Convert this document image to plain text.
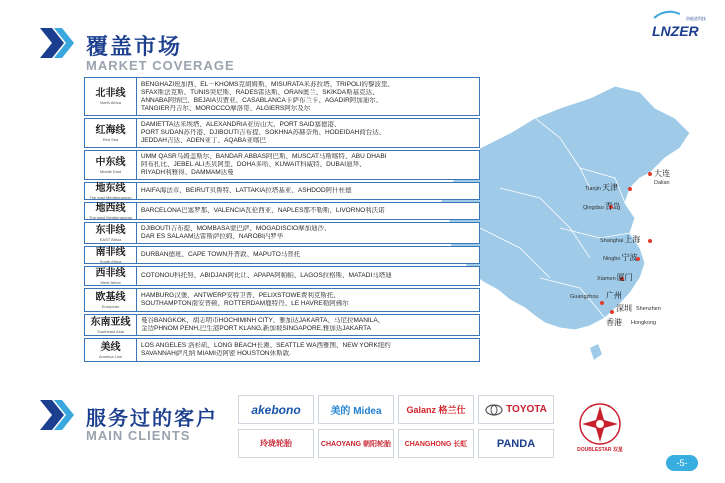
覆盖市场
MARKET COVERAGE
洛能进科技
LNZER
Tianjin 天津
大连
Dalian
Qingdao 青岛
Shanghai 上海
Ningbo 宁波
Xiamen 厦门
广州
Guangzhou
深圳 Shenzhen
香港 Hongkong
北非线
North Africa
BENGHAZI班加西、EL－KHOMS克胡姆斯、MISURATA米苏拉塔、TRIPOLI的黎波里、
SFAX斯法克斯、TUNIS突尼斯、RADES雷达斯、ORAN奥兰、SKIKDA斯基克达、
ANNABA阿纳巴、BEJAIA贝贾亚、CASABLANCA卡萨布兰卡、AGADIR阿加迪尔、
TANGIER丹吉尔、MOROCCO摩洛哥、ALGIERS阿尔及尔
红海线
Red Sea
DAMIETTA达米埃塔、ALEXANDRIA亚历山大、PORT SAID塞德港、
PORT SUDAN苏丹港、DJIBOUTI吉布提、SOKHNA苏赫奈角、HODEIDAH荷台达、
JEDDAH吉达、ADEN亚丁、AQABA亚喀巴
中东线
Middle East
UMM QASR乌姆盖斯尔、BANDAR ABBAS阿巴斯、MUSCAT马斯喀特、ABU DHABI
阿布扎比、JEBEL ALI杰贝阿里、DOHA多哈、KUWAIT科威特、DUBAI迪拜、
RIYADH利雅得、DAMMAM达曼
地东线
The east Mediterranean
HAIFA海法市、BEIRUT贝鲁特、LATTAKIA拉塔基亚、ASHDOD阿什杜德
地西线
The west Mediterranean
BARCELONA巴塞罗那、VALENCIA瓦伦西亚、NAPLES那不勒斯、LIVORNO利沃诺
东非线
EAST Africa
DJIBOUTI吉布提、MOMBASA蒙巴萨、MOGADISCIO摩加迪沙、
DAR ES SALAAM达雷斯萨拉姆、NAROBI内罗毕
南非线
South Africa
DURBAN德班、CAPE TOWN开普敦、MAPUTO马普托
西非线
West Africa
COTONOU科托努、ABIDJAN阿比让、APAPA阿帕帕、LAGOS拉格斯、MATADI马塔迪
欧基线
European
HAMBURG汉堡、ANTWERP安特卫普、PELIXSTOWE费利克斯托、
SOUTHAMPTON南安普顿、ROTTERDAM鹿特丹、LE HAVRE勒阿佛尔
东南亚线
Southeast Asia
曼谷BANGKOK、胡志明市HOCHIMINH CITY、雅加达JAKARTA、马尼拉MANILA、
金边PHNOM PENH,巴生港PORT KLANG,新加坡SINGAPORE,雅加达JAKARTA
美线
America Line
LOS ANGELES 洛杉矶、LONG BEACH长滩、SEATTLE WA西雅图、NEW YORK纽约
SAVANNAH萨凡纳 MIAMI迈阿密 HOUSTON休斯敦.
服务过的客户
MAIN CLIENTS
akebono	美的 Midea	Galanz 格兰仕	TOYOTA
DOUBLESTAR 双星
玲珑轮胎	CHAOYANG 朝阳轮胎 CHANGHONG 长虹	PANDA
-5-
